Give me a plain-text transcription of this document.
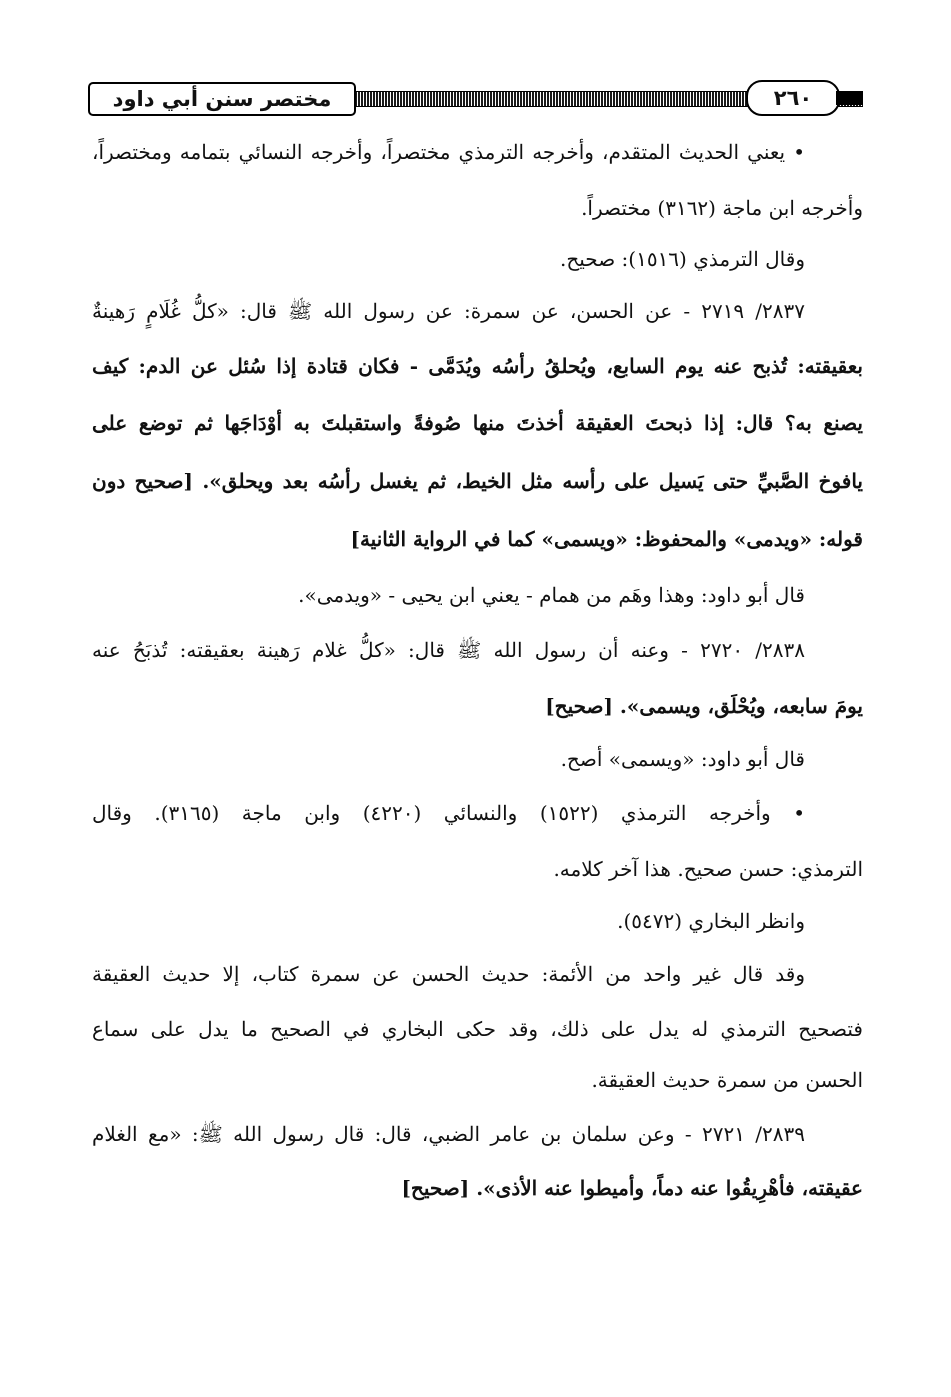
مختصر سنن أبي داود	٢٦٠
• يعني الحديث المتقدم، وأخرجه الترمذي مختصراً، وأخرجه النسائي بتمامه ومختصراً،
وأخرجه ابن ماجة (٣١٦٢) مختصراً.
وقال الترمذي (١٥١٦): صحيح.
٢٨٣٧/ ٢٧١٩ - عن الحسن، عن سمرة: عن رسول الله ﷺ قال: «كلُّ غُلَامٍ رَهينةٌ
بعقيقته: تُذبح عنه يوم السابع، ويُحلقُ رأسُه ويُدَمَّى - فكان قتادة إذا سُئل عن الدم: كيف
يصنع به؟ قال: إذا ذبحتَ العقيقة أخذتَ منها صُوفةً واستقبلتَ به أوْدَاجَها ثم توضع على
يافوخ الصَّبيِّ حتى يَسيل على رأسه مثل الخيط، ثم يغسل رأسُه بعد ويحلق». [صحيح دون
قوله: «ويدمى» والمحفوظ: «ويسمى» كما في الرواية الثانية]
قال أبو داود: وهذا وهَم من همام - يعني ابن يحيى - «ويدمى».
٢٨٣٨/ ٢٧٢٠ - وعنه أن رسول الله ﷺ قال: «كلُّ غلام رَهينة بعقيقته: تُذبَحُ عنه
يومَ سابعه، ويُحْلَق، ويسمى». [صحيح]
قال أبو داود: «ويسمى» أصح.
• وأخرجه الترمذي (١٥٢٢) والنسائي (٤٢٢٠) وابن ماجة (٣١٦٥). وقال
الترمذي: حسن صحيح. هذا آخر كلامه.
وانظر البخاري (٥٤٧٢).
وقد قال غير واحد من الأئمة: حديث الحسن عن سمرة كتاب، إلا حديث العقيقة
فتصحيح الترمذي له يدل على ذلك، وقد حكى البخاري في الصحيح ما يدل على سماع
الحسن من سمرة حديث العقيقة.
٢٨٣٩/ ٢٧٢١ - وعن سلمان بن عامر الضبي، قال: قال رسول الله ﷺ: «مع الغلام
عقيقته، فأهْرِيقُوا عنه دماً، وأميطوا عنه الأذى». [صحيح]
